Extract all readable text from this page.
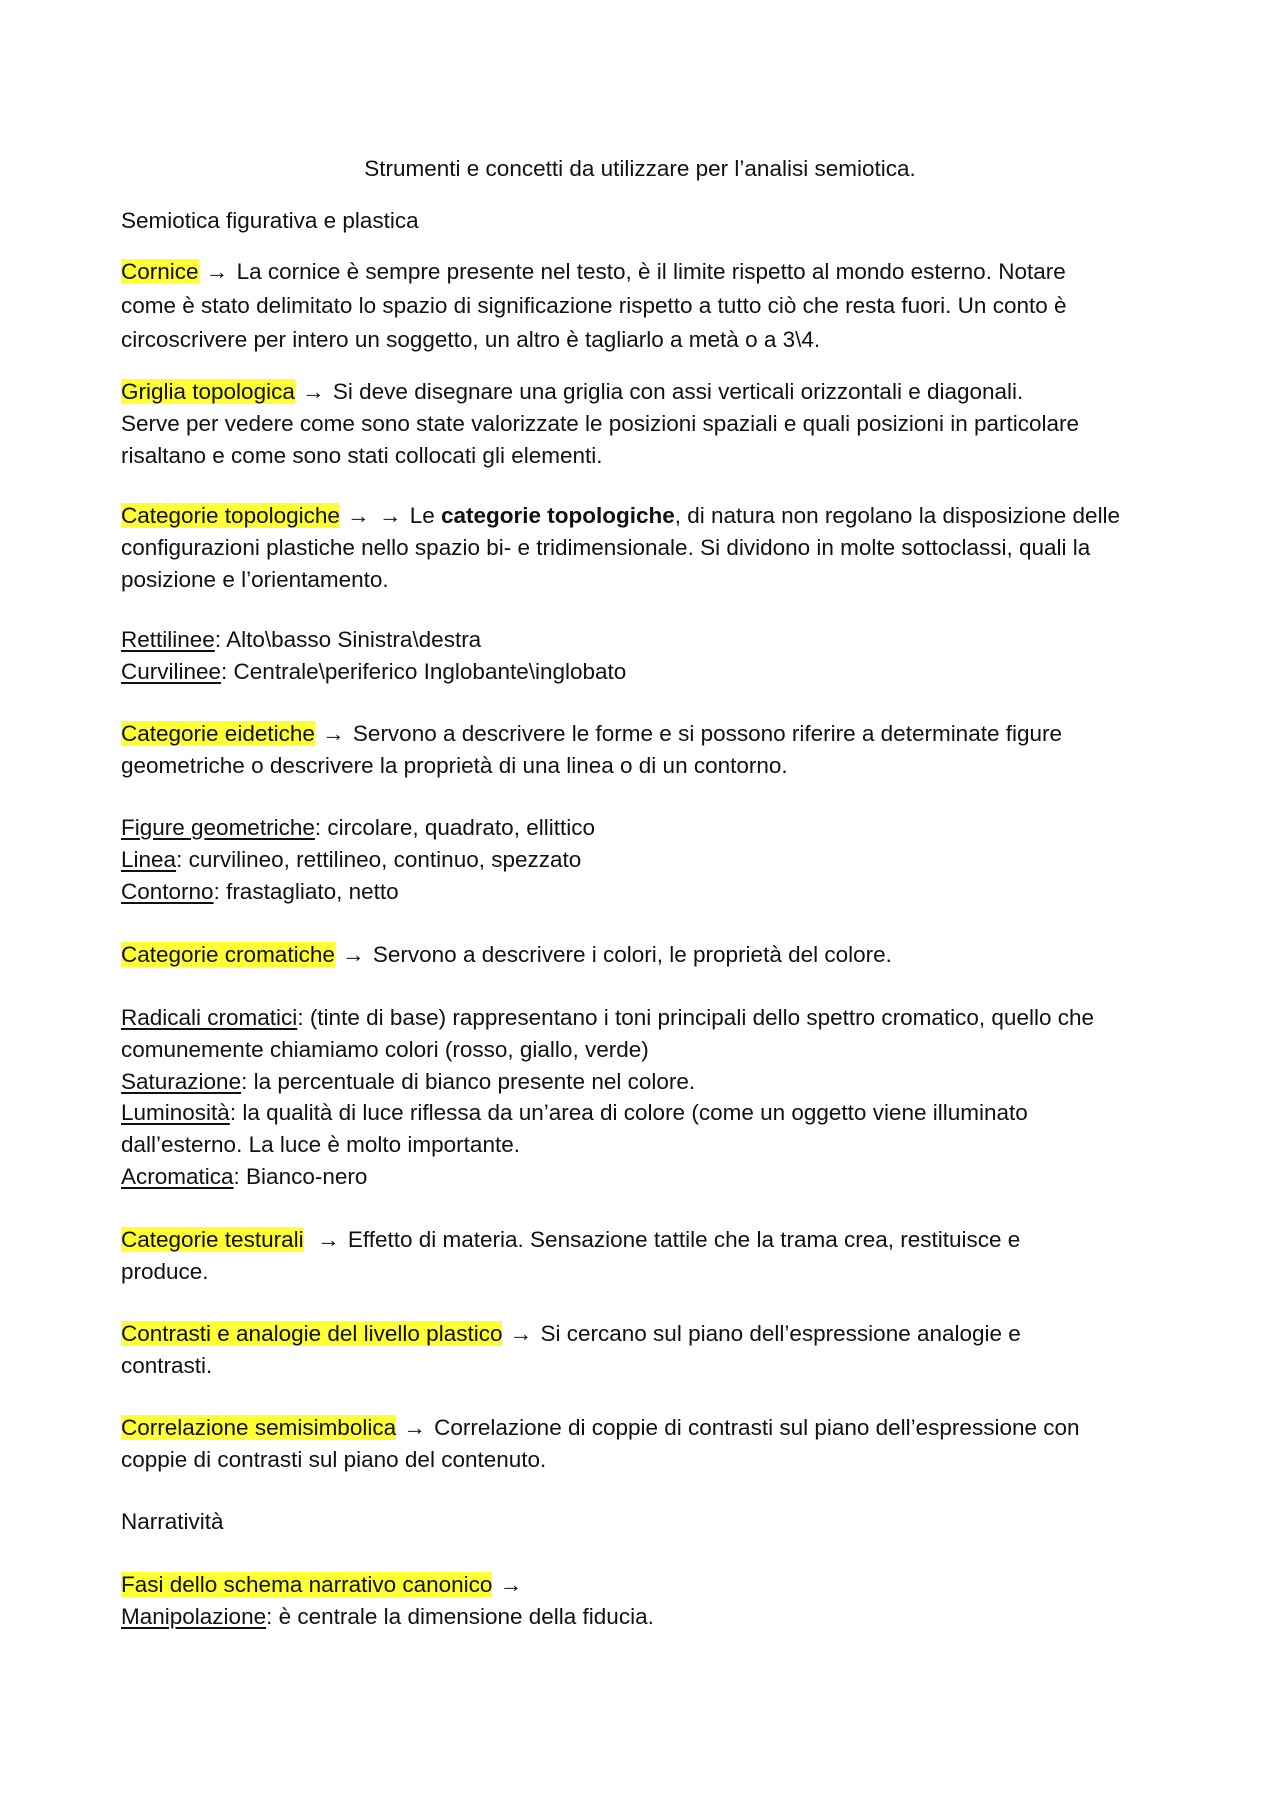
Strumenti e concetti da utilizzare per l’analisi semiotica.
Semiotica figurativa e plastica
Cornice → La cornice è sempre presente nel testo, è il limite rispetto al mondo esterno. Notare
come è stato delimitato lo spazio di significazione rispetto a tutto ciò che resta fuori. Un conto è
circoscrivere per intero un soggetto, un altro è tagliarlo a metà o a 3\4.
Griglia topologica → Si deve disegnare una griglia con assi verticali orizzontali e diagonali.
Serve per vedere come sono state valorizzate le posizioni spaziali e quali posizioni in particolare
risaltano e come sono stati collocati gli elementi.
Categorie topologiche → → Le categorie topologiche, di natura non regolano la disposizione delle
configurazioni plastiche nello spazio bi- e tridimensionale. Si dividono in molte sottoclassi, quali la
posizione e l’orientamento.
Rettilinee: Alto\basso Sinistra\destra
Curvilinee: Centrale\periferico Inglobante\inglobato
Categorie eidetiche → Servono a descrivere le forme e si possono riferire a determinate figure
geometriche o descrivere la proprietà di una linea o di un contorno.
Figure geometriche: circolare, quadrato, ellittico
Linea: curvilineo, rettilineo, continuo, spezzato
Contorno: frastagliato, netto
Categorie cromatiche → Servono a descrivere i colori, le proprietà del colore.
Radicali cromatici: (tinte di base) rappresentano i toni principali dello spettro cromatico, quello che
comunemente chiamiamo colori (rosso, giallo, verde)
Saturazione: la percentuale di bianco presente nel colore.
Luminosità: la qualità di luce riflessa da un’area di colore (come un oggetto viene illuminato
dall’esterno. La luce è molto importante.
Acromatica: Bianco-nero
Categorie testurali → Effetto di materia. Sensazione tattile che la trama crea, restituisce e
produce.
Contrasti e analogie del livello plastico → Si cercano sul piano dell’espressione analogie e
contrasti.
Correlazione semisimbolica → Correlazione di coppie di contrasti sul piano dell’espressione con
coppie di contrasti sul piano del contenuto.
Narratività
Fasi dello schema narrativo canonico →
Manipolazione: è centrale la dimensione della fiducia.
